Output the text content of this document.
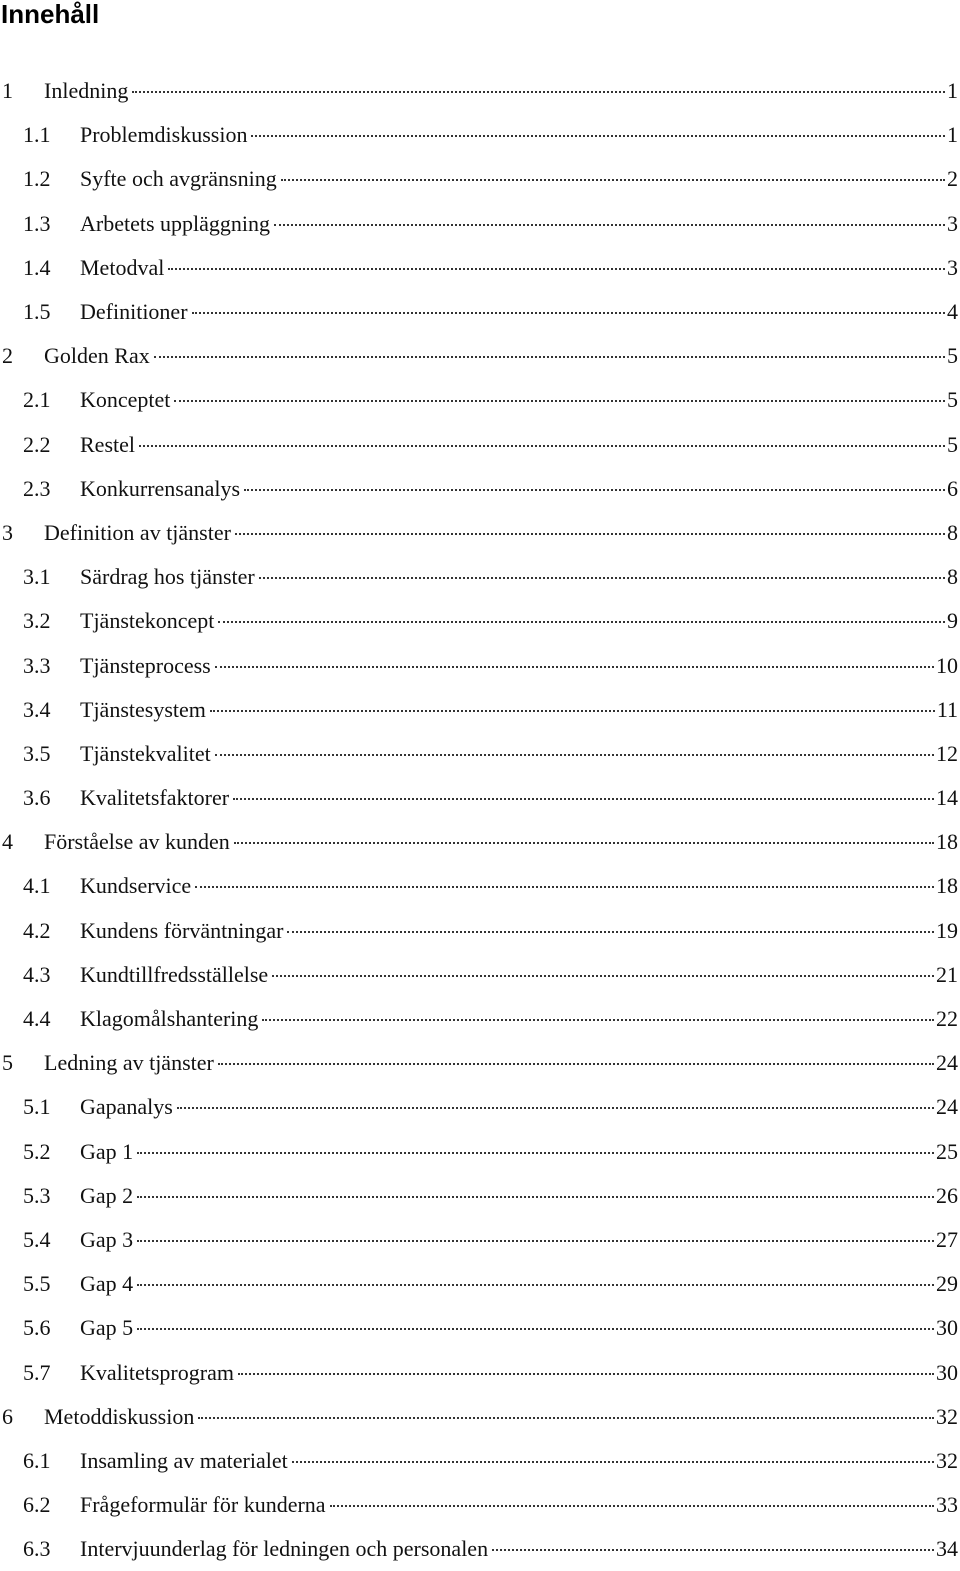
Innehåll
1 Inledning	1
1.1 Problemdiskussion	1
1.2 Syfte och avgränsning	2
1.3 Arbetets uppläggning	3
1.4 Metodval	3
1.5 Definitioner	4
2 Golden Rax	5
2.1 Konceptet	5
2.2 Restel	5
2.3 Konkurrensanalys	6
3 Definition av tjänster	8
3.1 Särdrag hos tjänster	8
3.2 Tjänstekoncept	9
3.3 Tjänsteprocess	10
3.4 Tjänstesystem	11
3.5 Tjänstekvalitet	12
3.6 Kvalitetsfaktorer	14
4 Förståelse av kunden	18
4.1 Kundservice	18
4.2 Kundens förväntningar	19
4.3 Kundtillfredsställelse	21
4.4 Klagomålshantering	22
5 Ledning av tjänster	24
5.1 Gapanalys	24
5.2 Gap 1	25
5.3 Gap 2	26
5.4 Gap 3	27
5.5 Gap 4	29
5.6 Gap 5	30
5.7 Kvalitetsprogram	30
6 Metoddiskussion	32
6.1 Insamling av materialet	32
6.2 Frågeformulär för kunderna	33
6.3 Intervjuunderlag för ledningen och personalen	34
